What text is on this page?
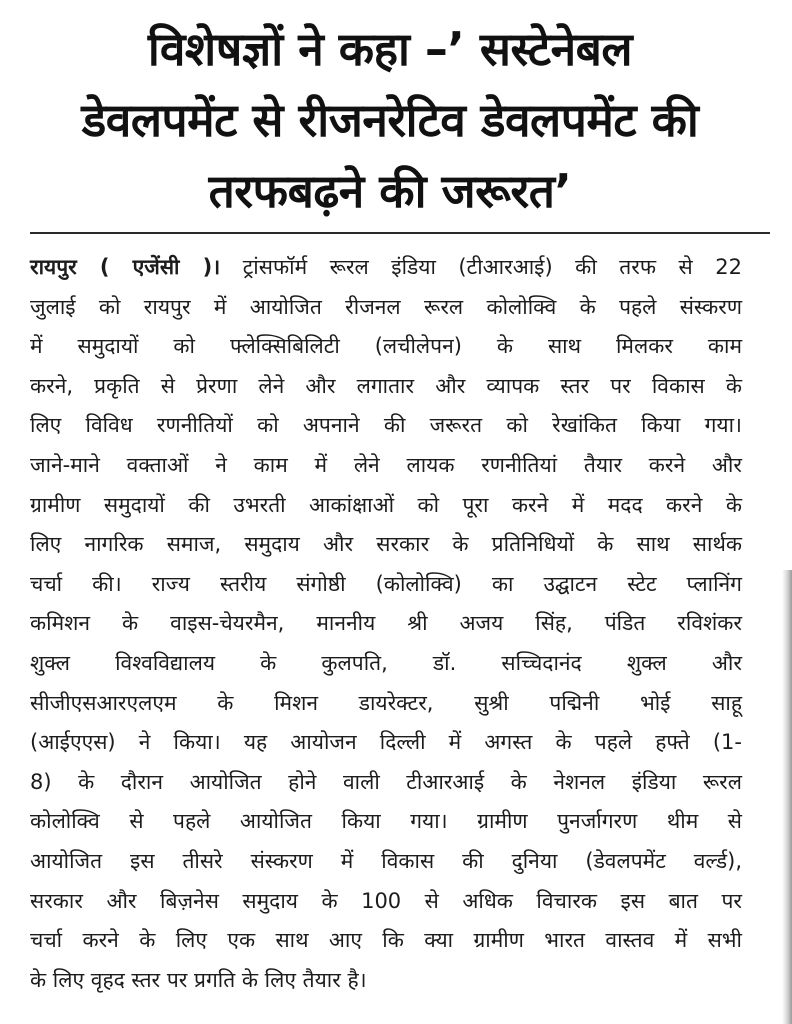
विशेषज्ञों ने कहा –’ सस्टेनेबल
डेवलपमेंट से रीजनरेटिव डेवलपमेंट की
तरफबढ़ने की जरूरत’
रायपुर ( एजेंसी )। ट्रांसफॉर्म रूरल इंडिया (टीआरआई) की तरफ से 22
जुलाई को रायपुर में आयोजित रीजनल रूरल कोलोक्वि के पहले संस्करण
में समुदायों को फ्लेक्सिबिलिटी (लचीलेपन) के साथ मिलकर काम
करने, प्रकृति से प्रेरणा लेने और लगातार और व्यापक स्तर पर विकास के
लिए विविध रणनीतियों को अपनाने की जरूरत को रेखांकित किया गया।
जाने-माने वक्ताओं ने काम में लेने लायक रणनीतियां तैयार करने और
ग्रामीण समुदायों की उभरती आकांक्षाओं को पूरा करने में मदद करने के
लिए नागरिक समाज, समुदाय और सरकार के प्रतिनिधियों के साथ सार्थक
चर्चा की। राज्य स्तरीय संगोष्ठी (कोलोक्वि) का उद्घाटन स्टेट प्लानिंग
कमिशन के वाइस-चेयरमैन, माननीय श्री अजय सिंह, पंडित रविशंकर
शुक्ल विश्वविद्यालय के कुलपति, डॉ. सच्चिदानंद शुक्ल और
सीजीएसआरएलएम के मिशन डायरेक्टर, सुश्री पद्मिनी भोई साहू
(आईएएस) ने किया। यह आयोजन दिल्ली में अगस्त के पहले हफ्ते (1-
8) के दौरान आयोजित होने वाली टीआरआई के नेशनल इंडिया रूरल
कोलोक्वि से पहले आयोजित किया गया। ग्रामीण पुनर्जागरण थीम से
आयोजित इस तीसरे संस्करण में विकास की दुनिया (डेवलपमेंट वर्ल्ड),
सरकार और बिज़नेस समुदाय के 100 से अधिक विचारक इस बात पर
चर्चा करने के लिए एक साथ आए कि क्या ग्रामीण भारत वास्तव में सभी
के लिए वृहद स्तर पर प्रगति के लिए तैयार है।
